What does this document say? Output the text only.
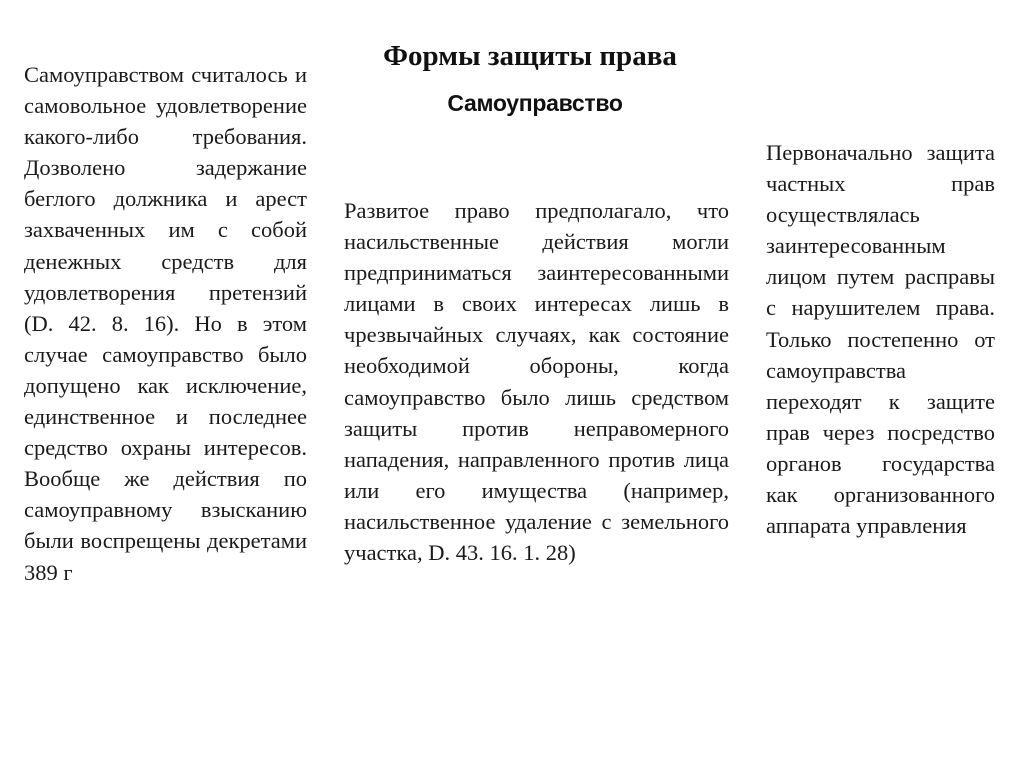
Формы защиты права
Самоуправство

Самоуправством считалось и самовольное удовлетворение какого-либо требования. Дозволено задержание беглого должника и арест захваченных им с собой денежных средств для удовлетворения претензий (D. 42. 8. 16). Но в этом случае самоуправство было допущено как исключение, единственное и последнее средство охраны интересов. Вообще же действия по самоуправному взысканию были воспрещены декретами 389 г

Развитое право предполагало, что насильственные действия могли предприниматься заинтересованными лицами в своих интересах лишь в чрезвычайных случаях, как состояние необходимой обороны, когда самоуправство было лишь средством защиты против неправомерного нападения, направленного против лица или его имущества (например, насильственное удаление с земельного участка, D. 43. 16. 1. 28)

Первоначально защита частных прав осуществлялась заинтересованным лицом путем расправы с нарушителем права. Только постепенно от самоуправства переходят к защите прав через посредство органов государства как организованного аппарата управления
